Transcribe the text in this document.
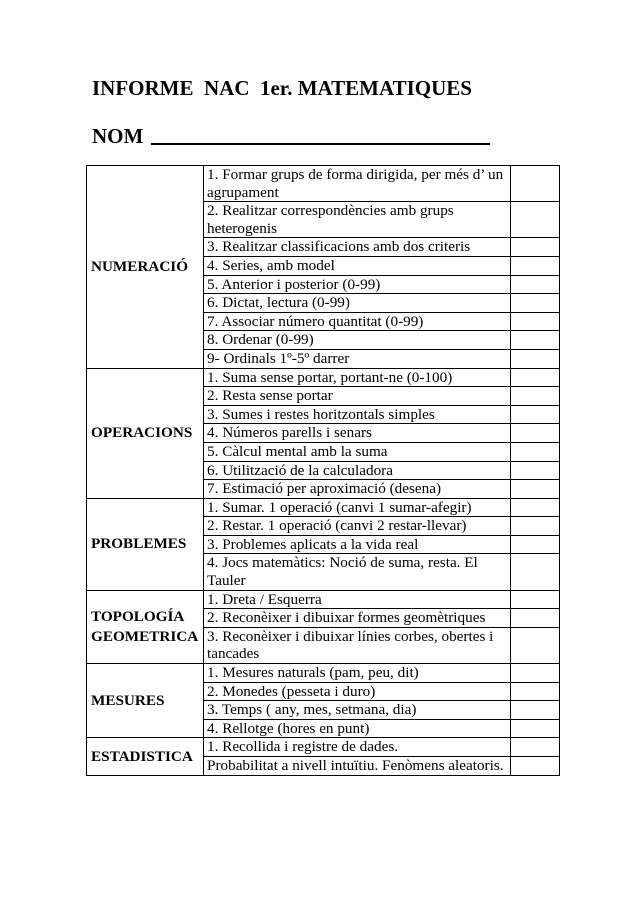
INFORME  NAC  1er. MATEMATIQUES
NOM
NUMERACIÓ	1. Formar grups de forma dirigida, per més d’ un agrupament	
	2. Realitzar correspondències amb grups heterogenis	
	3. Realitzar classificacions amb dos criteris	
	4. Series, amb model	
	5. Anterior i posterior (0-99)	
	6. Dictat, lectura (0-99)	
	7. Associar número quantitat (0-99)	
	8. Ordenar (0-99)	
	9- Ordinals 1º-5º darrer	

OPERACIONS	1. Suma sense portar, portant-ne (0-100)	
	2. Resta sense portar	
	3. Sumes i restes horitzontals simples	
	4. Números parells i senars	
	5. Càlcul mental amb la suma	
	6. Utilització de la calculadora	
	7. Estimació per aproximació (desena)	

PROBLEMES	1. Sumar. 1 operació (canvi 1 sumar-afegir)	
	2. Restar. 1 operació (canvi 2 restar-llevar)	
	3. Problemes aplicats a la vida real	
	4. Jocs matemàtics: Noció de suma, resta. El Tauler	

TOPOLOGÍA
GEOMETRICA	1. Dreta / Esquerra	
	2. Reconèixer i dibuixar formes geomètriques	
	3. Reconèixer i dibuixar línies corbes, obertes i tancades	

MESURES	1. Mesures naturals (pam, peu, dit)	
	2. Monedes (pesseta i duro)	
	3. Temps ( any, mes, setmana, dia)	
	4. Rellotge (hores en punt)	

ESTADISTICA	1. Recollida i registre de dades.	
	Probabilitat a nivell intuïtiu. Fenòmens aleatoris.	
